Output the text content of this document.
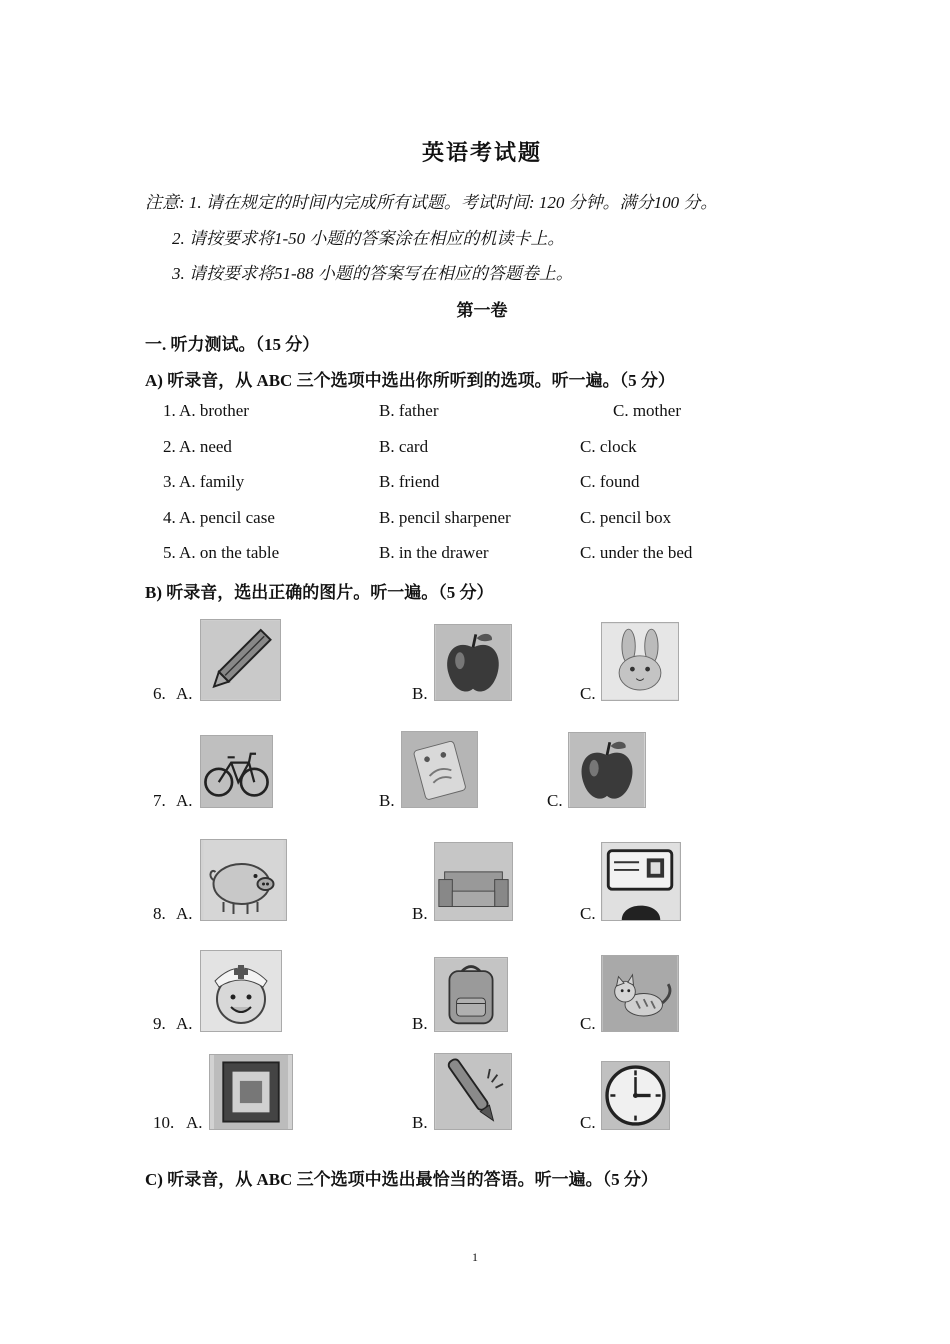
英语考试题
注意: 1. 请在规定的时间内完成所有试题。考试时间: 120 分钟。满分100 分。
2. 请按要求将1-50 小题的答案涂在相应的机读卡上。
3. 请按要求将51-88 小题的答案写在相应的答题卷上。
第一卷
一. 听力测试。（15 分）
A) 听录音，从 ABC 三个选项中选出你所听到的选项。听一遍。（5 分）
1. A. brother	B. father	C. mother
2. A. need	B. card	C. clock
3. A. family	B. friend	C. found
4. A. pencil case	B. pencil sharpener	C. pencil box
5. A. on the table	B. in the drawer	C. under the bed
B) 听录音，选出正确的图片。听一遍。（5 分）
6. A.	B.	C.
7. A.	B.	C.
8. A.	B.	C.
9. A.	B.	C.
10. A.	B.	C.
C) 听录音，从 ABC 三个选项中选出最恰当的答语。听一遍。（5 分）
1
